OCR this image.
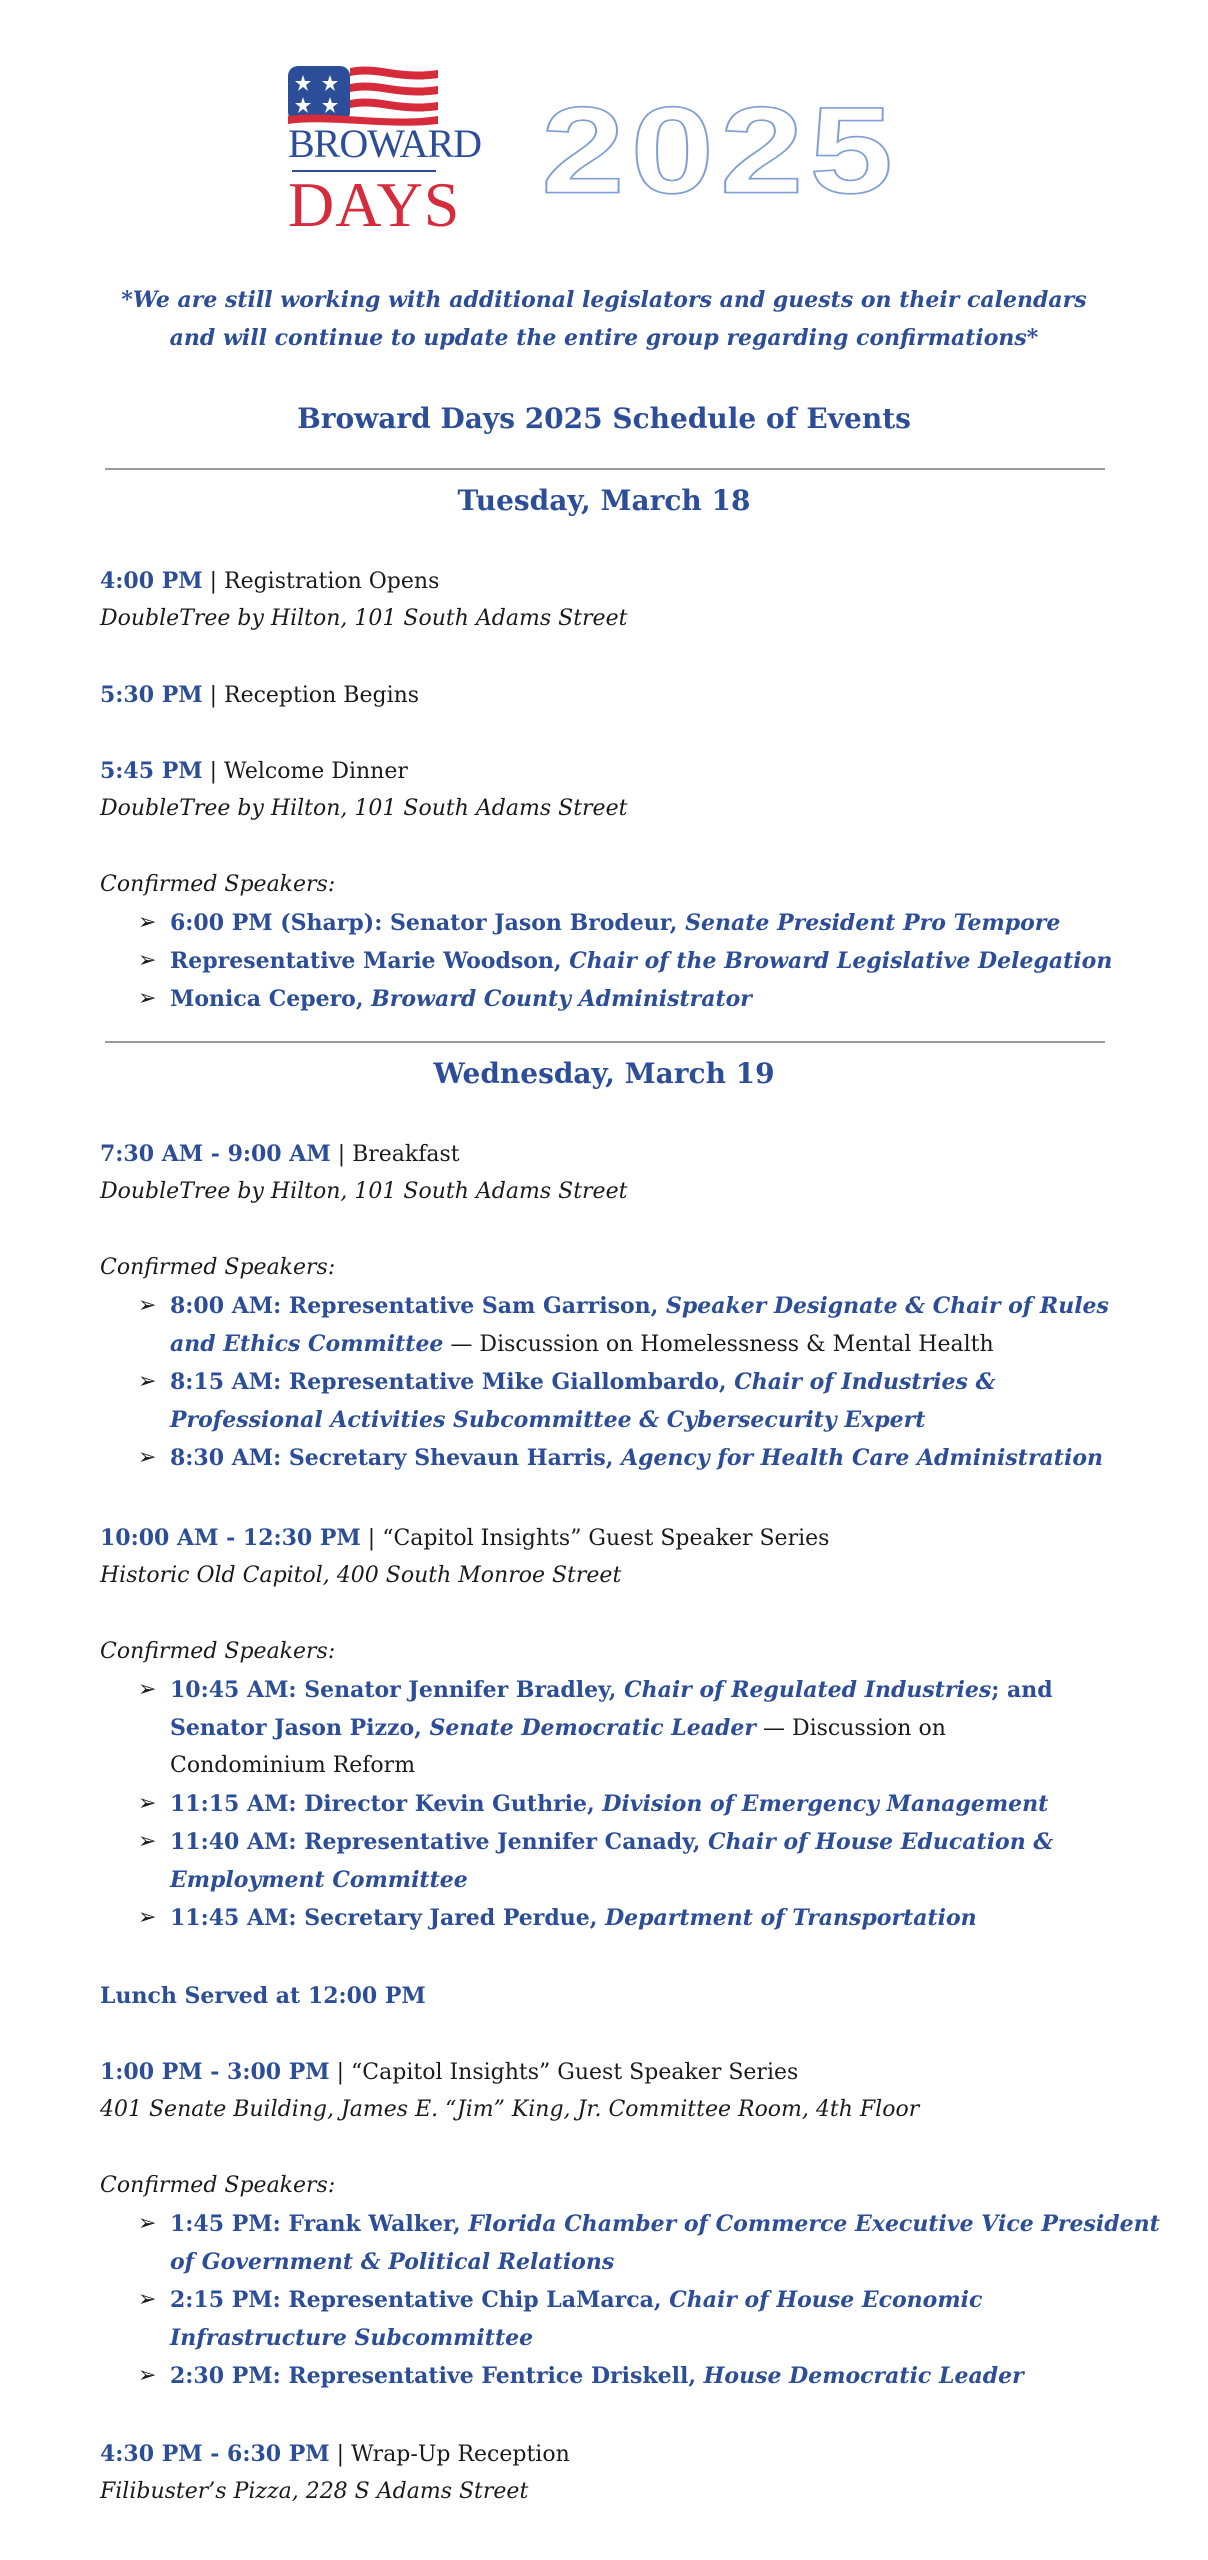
BROWARD
DAYS 2025
*We are still working with additional legislators and guests on their calendars
and will continue to update the entire group regarding confirmations*
Broward Days 2025 Schedule of Events
Tuesday, March 18
4:00 PM | Registration Opens
DoubleTree by Hilton, 101 South Adams Street
5:30 PM | Reception Begins
5:45 PM | Welcome Dinner
DoubleTree by Hilton, 101 South Adams Street
Confirmed Speakers:
➢ 6:00 PM (Sharp): Senator Jason Brodeur, Senate President Pro Tempore
➢ Representative Marie Woodson, Chair of the Broward Legislative Delegation
➢ Monica Cepero, Broward County Administrator
Wednesday, March 19
7:30 AM - 9:00 AM | Breakfast
DoubleTree by Hilton, 101 South Adams Street
Confirmed Speakers:
➢ 8:00 AM: Representative Sam Garrison, Speaker Designate & Chair of Rules
and Ethics Committee — Discussion on Homelessness & Mental Health
➢ 8:15 AM: Representative Mike Giallombardo, Chair of Industries &
Professional Activities Subcommittee & Cybersecurity Expert
➢ 8:30 AM: Secretary Shevaun Harris, Agency for Health Care Administration
10:00 AM - 12:30 PM | “Capitol Insights” Guest Speaker Series
Historic Old Capitol, 400 South Monroe Street
Confirmed Speakers:
➢ 10:45 AM: Senator Jennifer Bradley, Chair of Regulated Industries; and
Senator Jason Pizzo, Senate Democratic Leader — Discussion on
Condominium Reform
➢ 11:15 AM: Director Kevin Guthrie, Division of Emergency Management
➢ 11:40 AM: Representative Jennifer Canady, Chair of House Education &
Employment Committee
➢ 11:45 AM: Secretary Jared Perdue, Department of Transportation
Lunch Served at 12:00 PM
1:00 PM - 3:00 PM | “Capitol Insights” Guest Speaker Series
401 Senate Building, James E. “Jim” King, Jr. Committee Room, 4th Floor
Confirmed Speakers:
➢ 1:45 PM: Frank Walker, Florida Chamber of Commerce Executive Vice President
of Government & Political Relations
➢ 2:15 PM: Representative Chip LaMarca, Chair of House Economic
Infrastructure Subcommittee
➢ 2:30 PM: Representative Fentrice Driskell, House Democratic Leader
4:30 PM - 6:30 PM | Wrap-Up Reception
Filibuster’s Pizza, 228 S Adams Street
